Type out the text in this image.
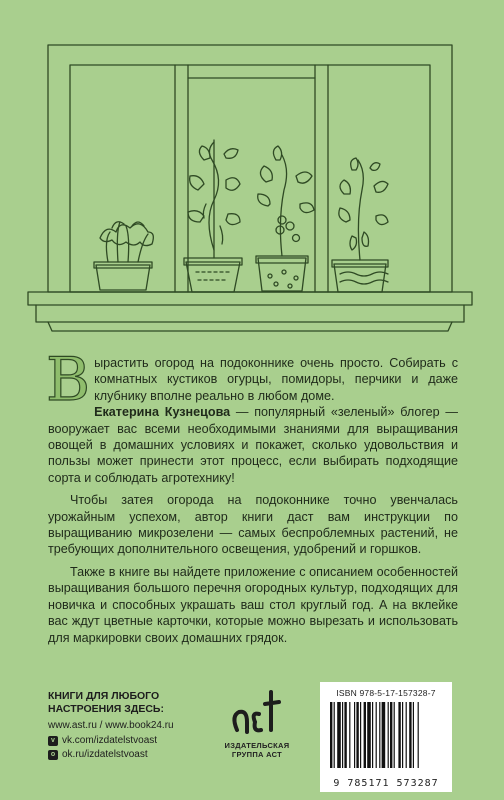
Вырастить огород на подоконнике очень просто. Собирать с комнатных кустиков огурцы, помидоры, перчики и даже клубнику вполне реально в любом доме.
Екатерина Кузнецова — популярный «зеленый» блогер — вооружает вас всеми необходимыми знаниями для выращивания овощей в домашних условиях и покажет, сколько удовольствия и пользы может принести этот процесс, если выбирать подходящие сорта и соблюдать агротехнику!

Чтобы затея огорода на подоконнике точно увенчалась урожайным успехом, автор книги даст вам инструкции по выращиванию микрозелени — самых беспроблемных растений, не требующих дополнительного освещения, удобрений и горшков.

Также в книге вы найдете приложение с описанием особенностей выращивания большого перечня огородных культур, подходящих для новичка и способных украшать ваш стол круглый год. А на вклейке вас ждут цветные карточки, которые можно вырезать и использовать для маркировки своих домашних грядок.

КНИГИ ДЛЯ ЛЮБОГО
НАСТРОЕНИЯ ЗДЕСЬ:
www.ast.ru / www.book24.ru
v vk.com/izdatelstvoast
o ok.ru/izdatelstvoast
ИЗДАТЕЛЬСКАЯ
ГРУППА АСТ
ISBN 978-5-17-157328-7
9 785171 573287
